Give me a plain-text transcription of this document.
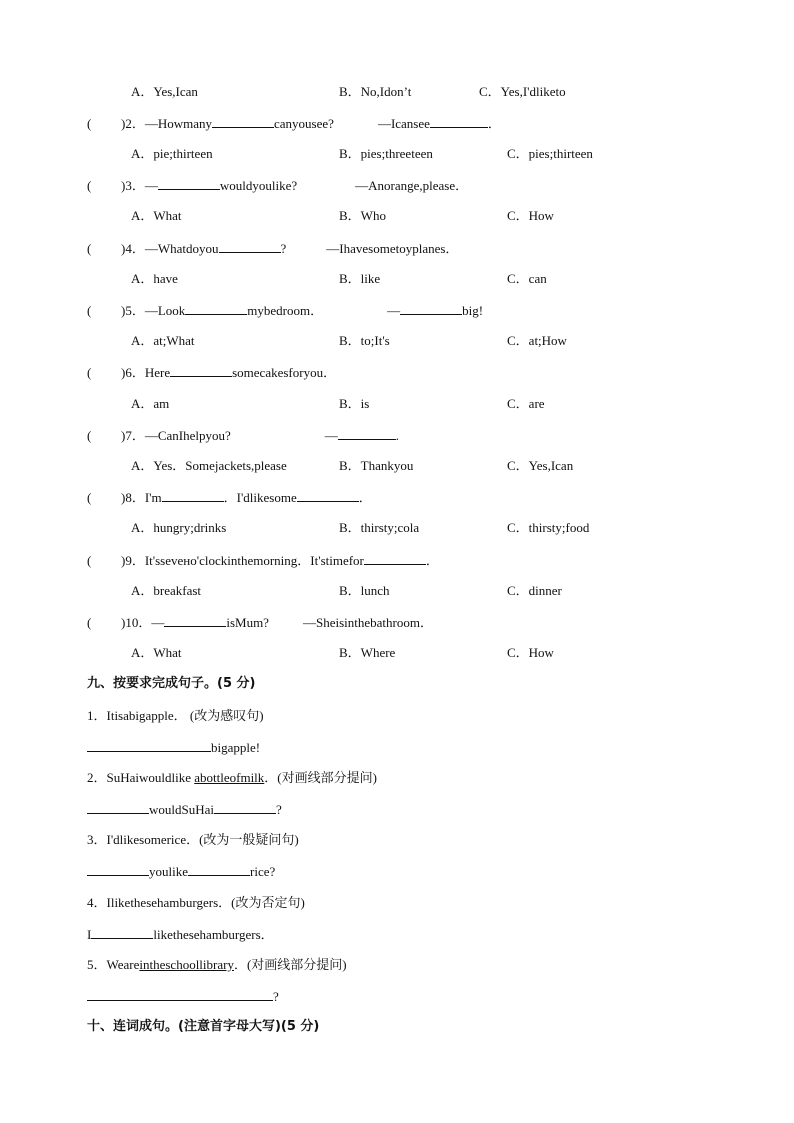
A．Yes,Ican	B．No,Idon’t	C．Yes,I'dliketo
( )2．—Howmany	canyousee?	—Icansee	．
A．pie;thirteen	B．pies;threeteen	C．pies;thirteen
( )3．—	wouldyoulike?	—Anorange,please．
A．What	B．Who	C．How
( )4．—Whatdoyou	?	—Ihavesometoyplanes．
A．have	B．like	C．can
( )5．—Look	mybedroom．	—	big!
A．at;What	B．to;It's	C．at;How
( )6．Here	somecakesforyou．
A．am	B．is	C．are
( )7．—CanIhelpyou?	—	.
A．Yes．Somejackets,please	B．Thankyou	C．Yes,Ican
( )8．I'm	．I'dlikesome	．
A．hungry;drinks	B．thirsty;cola	C．thirsty;food
( )9．It'ssevено'clockinthemorning．It'stimefor	．
A．breakfast	B．lunch	C．dinner
( )10．—	isMum?	—Sheisinthebathroom．
A．What	B．Where	C．How
九、按要求完成句子。(5 分)
1．Itisabigapple． (改为感叹句)
bigapple!
2．SuHaiwouldlike abottleofmilk．(对画线部分提问)
wouldSuHai	?
3．I'dlikesomerice．(改为一般疑问句)
youlike	rice?
4．Ilikethesehamburgers．(改为否定句)
I	likethesehamburgers．
5．Weareintheschoollibrary．(对画线部分提问)
?
十、连词成句。(注意首字母大写)(5 分)
